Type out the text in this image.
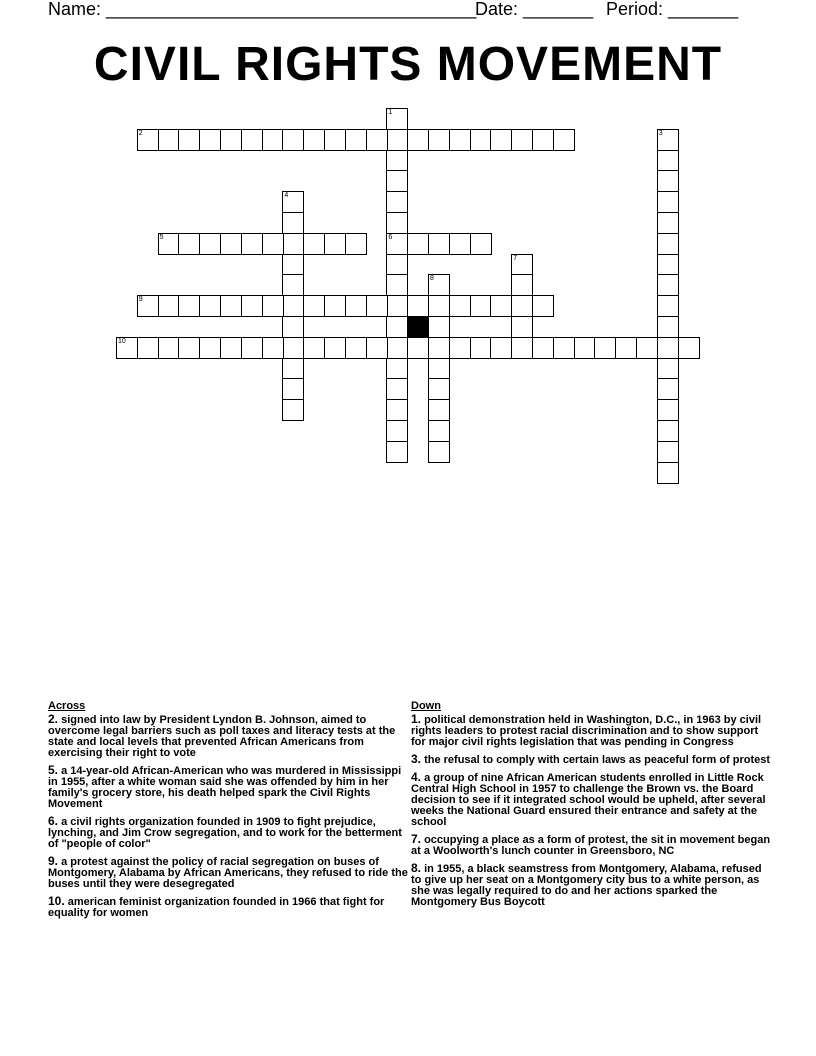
Name: _____________________________________
Date: _______ Period: _______
CIVIL RIGHTS MOVEMENT
1
6
2	3
4
5
7
8
9
10
Across
2. signed into law by President Lyndon B. Johnson, aimed to overcome legal barriers such as poll taxes and literacy tests at the state and local levels that prevented African Americans from exercising their right to vote
5. a 14-year-old African-American who was murdered in Mississippi in 1955, after a white woman said she was offended by him in her family's grocery store, his death helped spark the Civil Rights Movement
6. a civil rights organization founded in 1909 to fight prejudice, lynching, and Jim Crow segregation, and to work for the betterment of "people of color"
9. a protest against the policy of racial segregation on buses of Montgomery, Alabama by African Americans, they refused to ride the buses until they were desegregated
10. american feminist organization founded in 1966 that fight for equality for women
Down
1. political demonstration held in Washington, D.C., in 1963 by civil rights leaders to protest racial discrimination and to show support for major civil rights legislation that was pending in Congress
3. the refusal to comply with certain laws as peaceful form of protest
4. a group of nine African American students enrolled in Little Rock Central High School in 1957 to challenge the Brown vs. the Board decision to see if it integrated school would be upheld, after several weeks the National Guard ensured their entrance and safety at the school
7. occupying a place as a form of protest, the sit in movement began at a Woolworth's lunch counter in Greensboro, NC
8. in 1955, a black seamstress from Montgomery, Alabama, refused to give up her seat on a Montgomery city bus to a white person, as she was legally required to do and her actions sparked the Montgomery Bus Boycott
